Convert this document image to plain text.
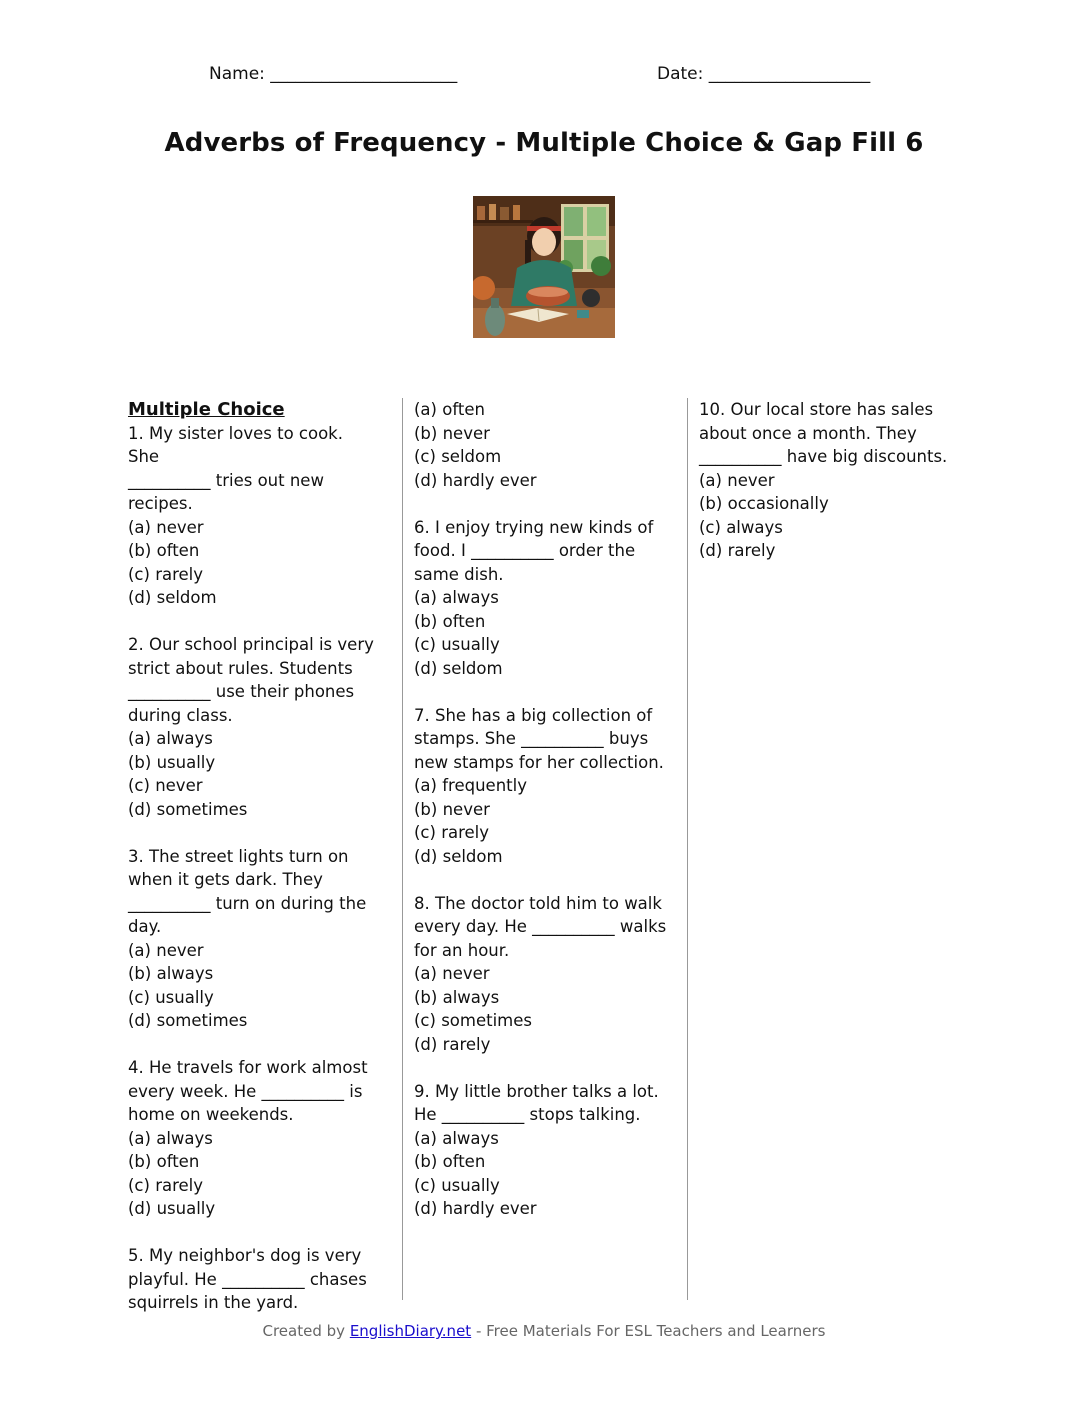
Name: ______________________	Date: ___________________
Adverbs of Frequency - Multiple Choice & Gap Fill 6
Multiple Choice

1. My sister loves to cook. She

__________ tries out new

recipes.

(a) never

(b) often

(c) rarely

(d) seldom

2. Our school principal is very

strict about rules. Students

__________ use their phones

during class.

(a) always

(b) usually

(c) never

(d) sometimes

3. The street lights turn on

when it gets dark. They

__________ turn on during the

day.

(a) never

(b) always

(c) usually

(d) sometimes

4. He travels for work almost

every week. He __________ is

home on weekends.

(a) always

(b) often

(c) rarely

(d) usually

5. My neighbor's dog is very

playful. He __________ chases

squirrels in the yard.

(a) often

(b) never

(c) seldom

(d) hardly ever

6. I enjoy trying new kinds of

food. I __________ order the

same dish.

(a) always

(b) often

(c) usually

(d) seldom

7. She has a big collection of

stamps. She __________ buys

new stamps for her collection.

(a) frequently

(b) never

(c) rarely

(d) seldom

8. The doctor told him to walk

every day. He __________ walks

for an hour.

(a) never

(b) always

(c) sometimes

(d) rarely

9. My little brother talks a lot.

He __________ stops talking.

(a) always

(b) often

(c) usually

(d) hardly ever

10. Our local store has sales

about once a month. They

__________ have big discounts.

(a) never

(b) occasionally

(c) always

(d) rarely

Created by EnglishDiary.net - Free Materials For ESL Teachers and Learners
